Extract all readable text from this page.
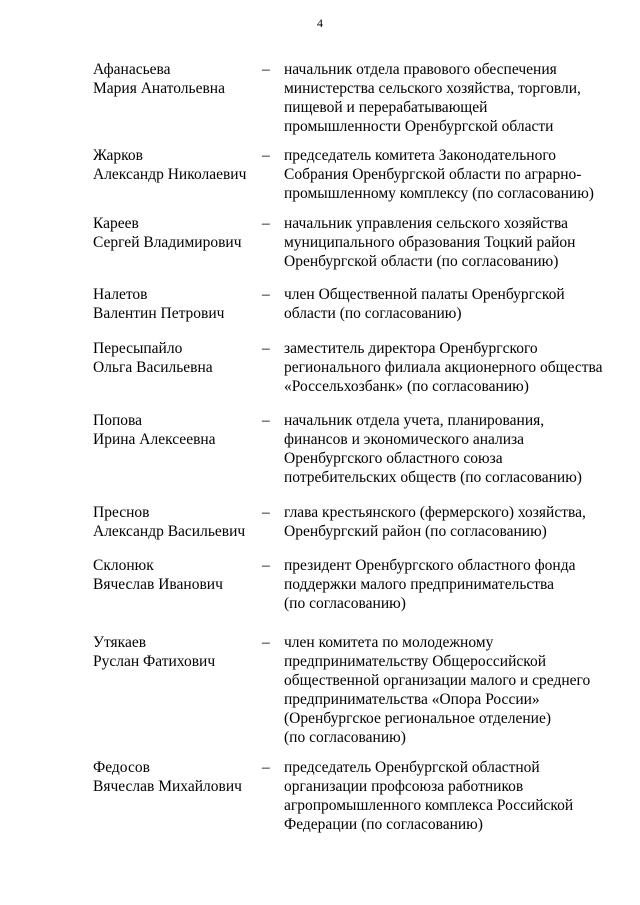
4
Афанасьева
Мария Анатольевна
– начальник отдела правового обеспечения
министерства сельского хозяйства, торговли,
пищевой и перерабатывающей
промышленности Оренбургской области
Жарков
Александр Николаевич
– председатель комитета Законодательного
Собрания Оренбургской области по аграрно-
промышленному комплексу (по согласованию)
Кареев
Сергей Владимирович
– начальник управления сельского хозяйства
муниципального образования Тоцкий район
Оренбургской области (по согласованию)
Налетов
Валентин Петрович
– член Общественной палаты Оренбургской
области (по согласованию)
Пересыпайло
Ольга Васильевна
– заместитель директора Оренбургского
регионального филиала акционерного общества
«Россельхозбанк» (по согласованию)
Попова
Ирина Алексеевна
– начальник отдела учета, планирования,
финансов и экономического анализа
Оренбургского областного союза
потребительских обществ (по согласованию)
Преснов
Александр Васильевич
– глава крестьянского (фермерского) хозяйства,
Оренбургский район (по согласованию)
Склонюк
Вячеслав Иванович
– президент Оренбургского областного фонда
поддержки малого предпринимательства
(по согласованию)
Утякаев
Руслан Фатихович
– член комитета по молодежному
предпринимательству Общероссийской
общественной организации малого и среднего
предпринимательства «Опора России»
(Оренбургское региональное отделение)
(по согласованию)
Федосов
Вячеслав Михайлович
– председатель Оренбургской областной
организации профсоюза работников
агропромышленного комплекса Российской
Федерации (по согласованию)
